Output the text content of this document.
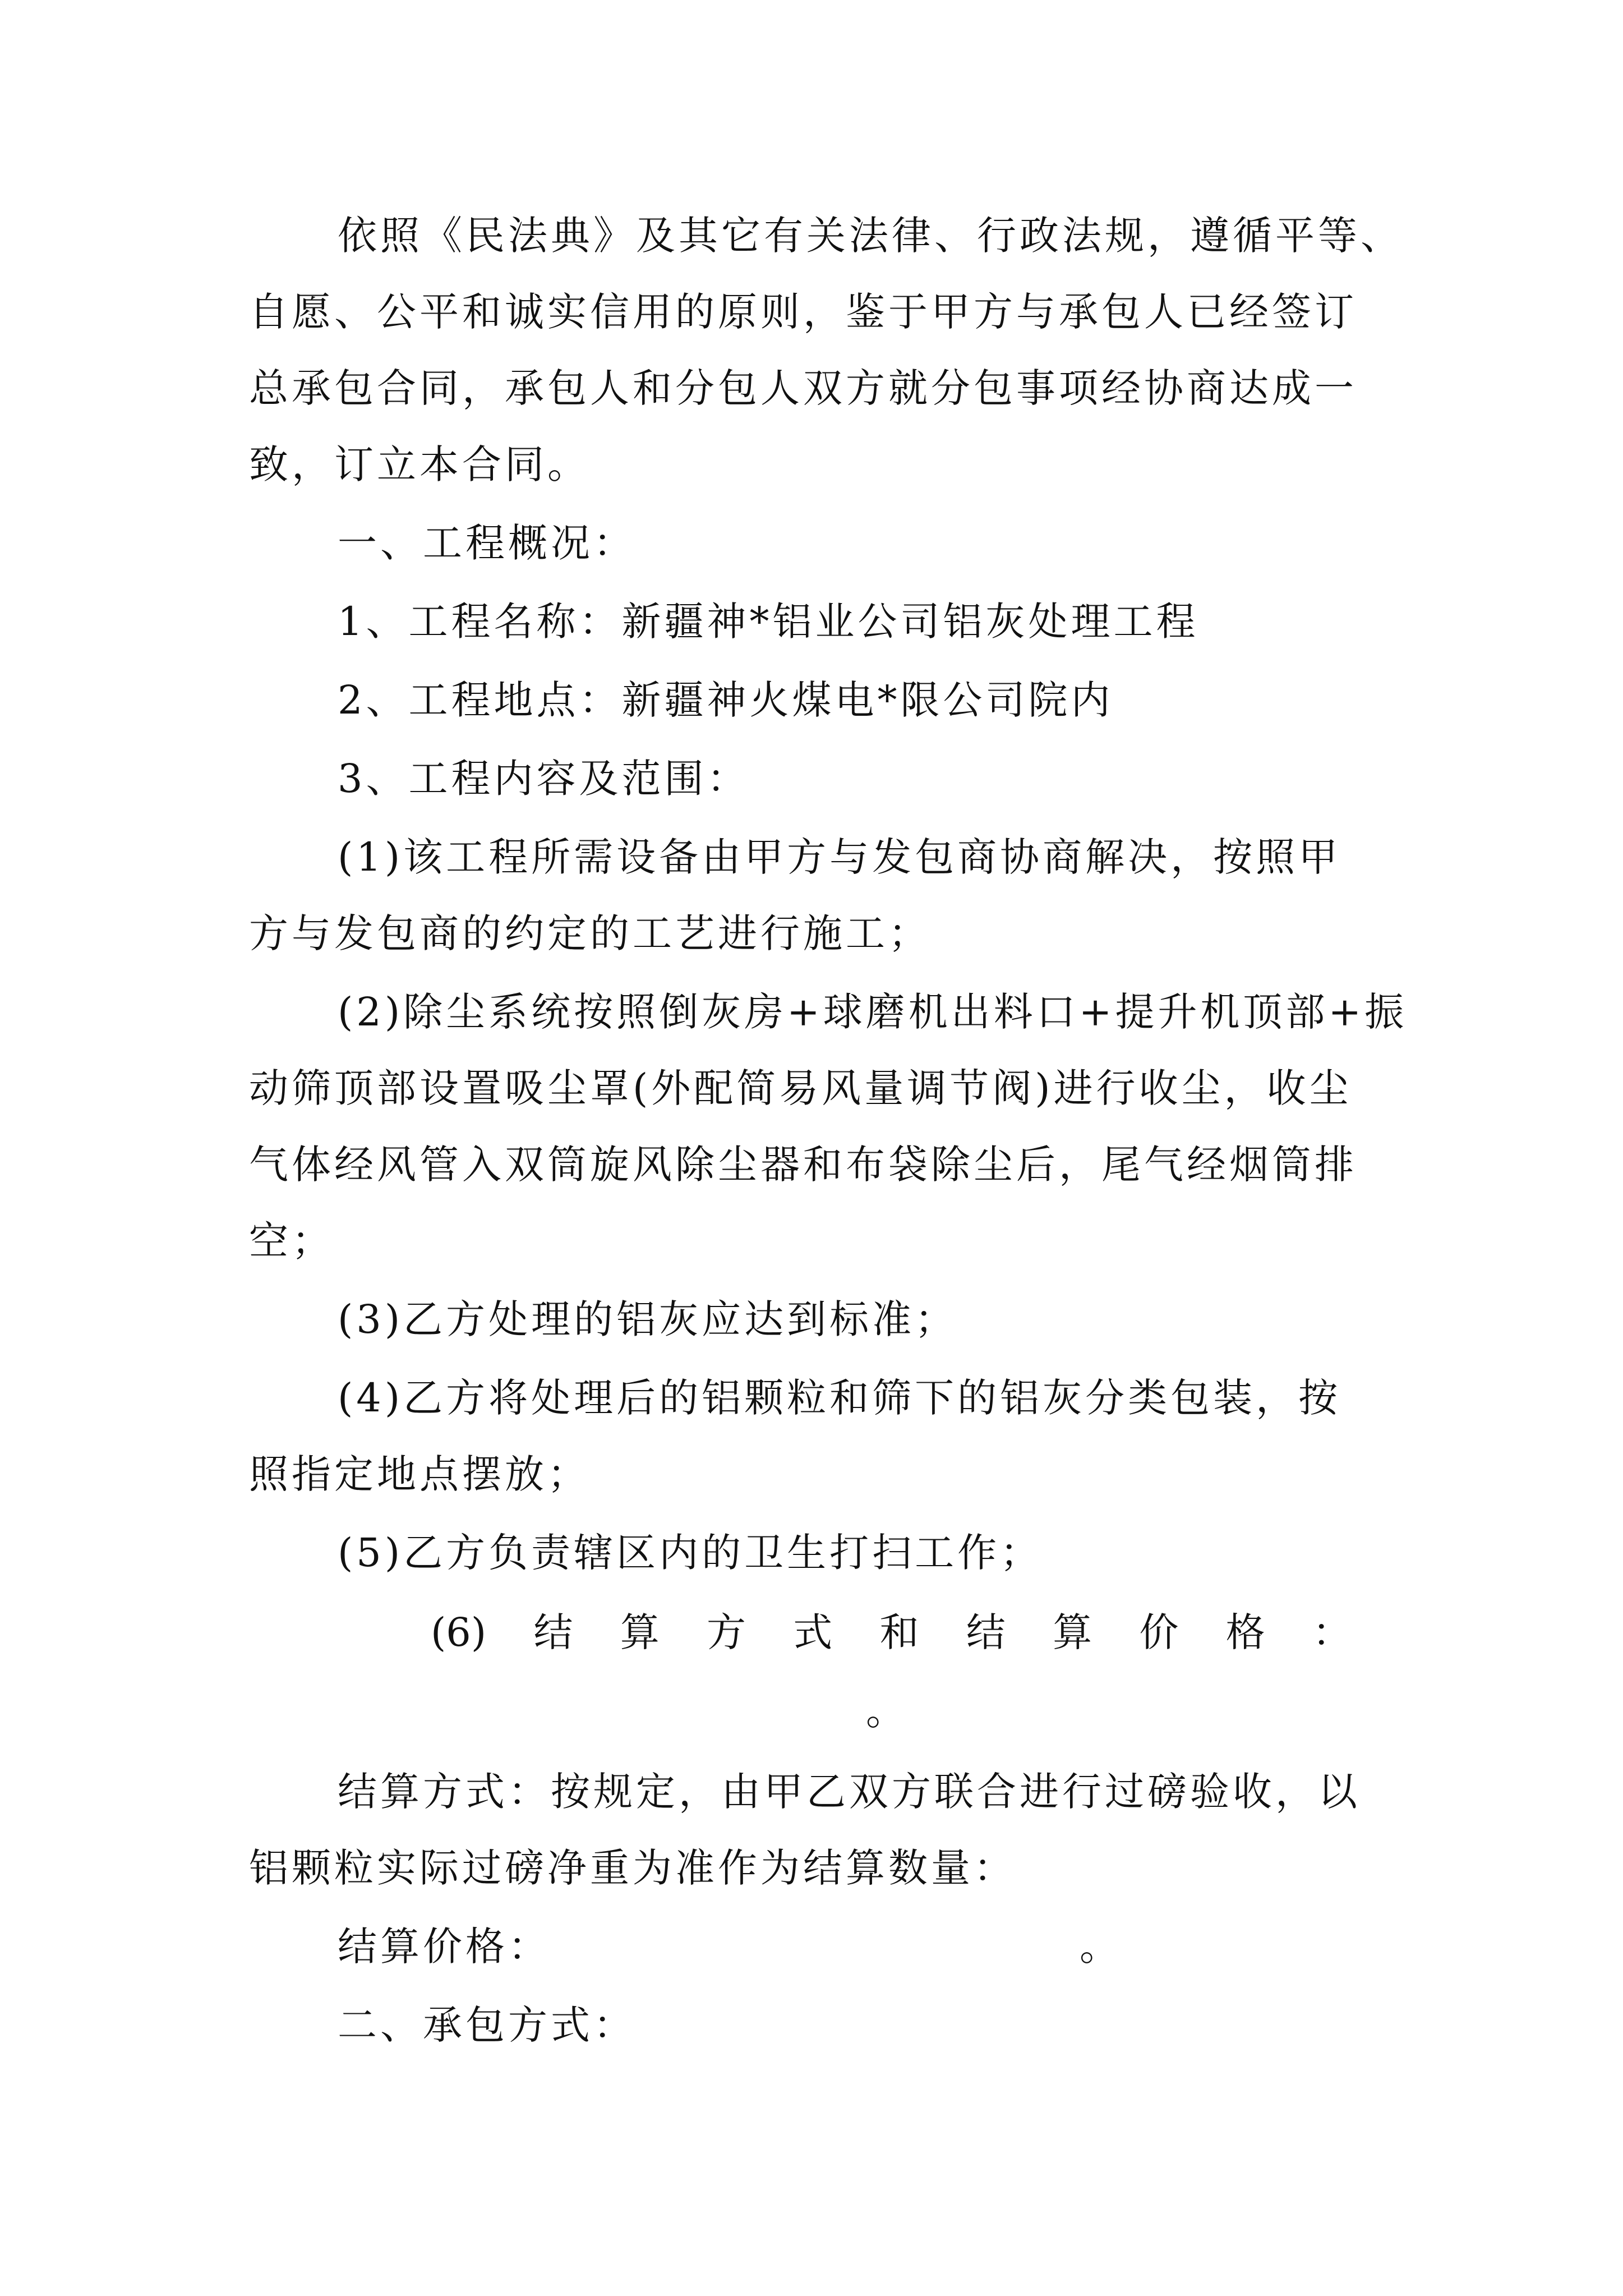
依照《民法典》及其它有关法律、行政法规，遵循平等、
自愿、公平和诚实信用的原则，鉴于甲方与承包人已经签订
总承包合同，承包人和分包人双方就分包事项经协商达成一
致，订立本合同。
一、工程概况：
1、工程名称：新疆神*铝业公司铝灰处理工程
2、工程地点：新疆神火煤电*限公司院内
3、工程内容及范围：
(1)该工程所需设备由甲方与发包商协商解决，按照甲
方与发包商的约定的工艺进行施工；
(2)除尘系统按照倒灰房+球磨机出料口+提升机顶部+振
动筛顶部设置吸尘罩(外配简易风量调节阀)进行收尘，收尘
气体经风管入双筒旋风除尘器和布袋除尘后，尾气经烟筒排
空；
(3)乙方处理的铝灰应达到标准；
(4)乙方将处理后的铝颗粒和筛下的铝灰分类包装，按
照指定地点摆放；
(5)乙方负责辖区内的卫生打扫工作；
(6) 结 算 方 式 和 结 算 价 格 ：
。
结算方式：按规定，由甲乙双方联合进行过磅验收，以
铝颗粒实际过磅净重为准作为结算数量：
结算价格：	。
二、承包方式：
